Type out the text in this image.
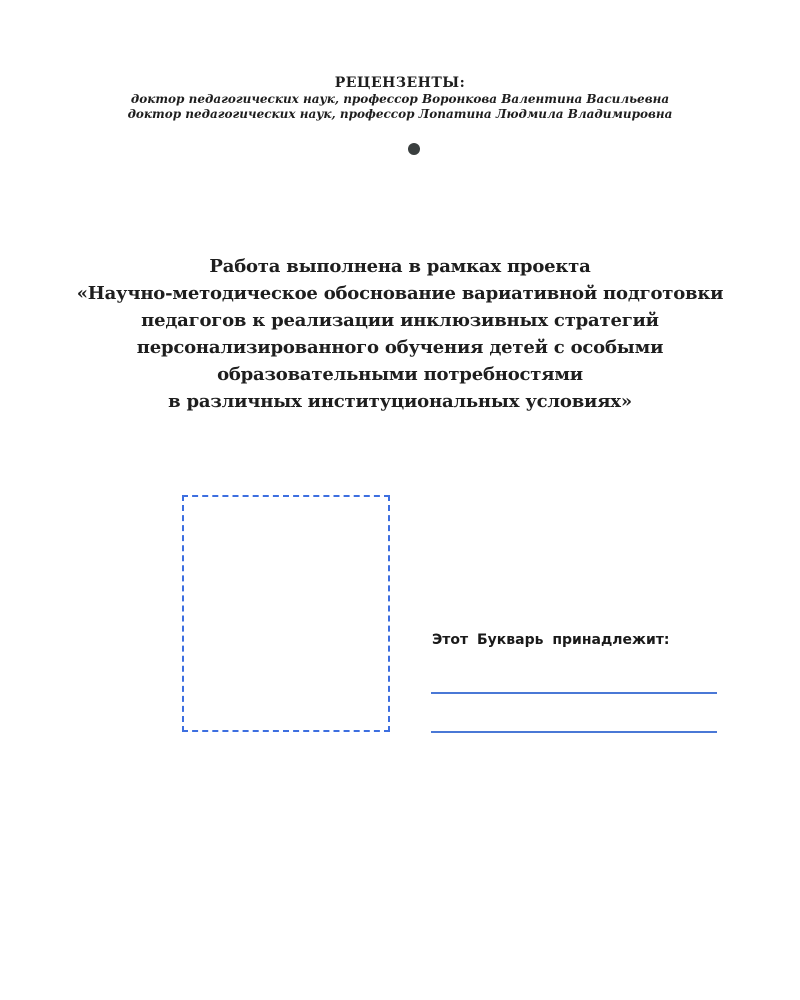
РЕЦЕНЗЕНТЫ:

доктор педагогических наук, профессор Воронкова Валентина Васильевна

доктор педагогических наук, профессор Лопатина Людмила Владимировна

Работа выполнена в рамках проекта

«Научно-методическое обоснование вариативной подготовки

педагогов к реализации инклюзивных стратегий

персонализированного обучения детей с особыми

образовательными потребностями

в различных институциональных условиях»

Этот Букварь принадлежит:
